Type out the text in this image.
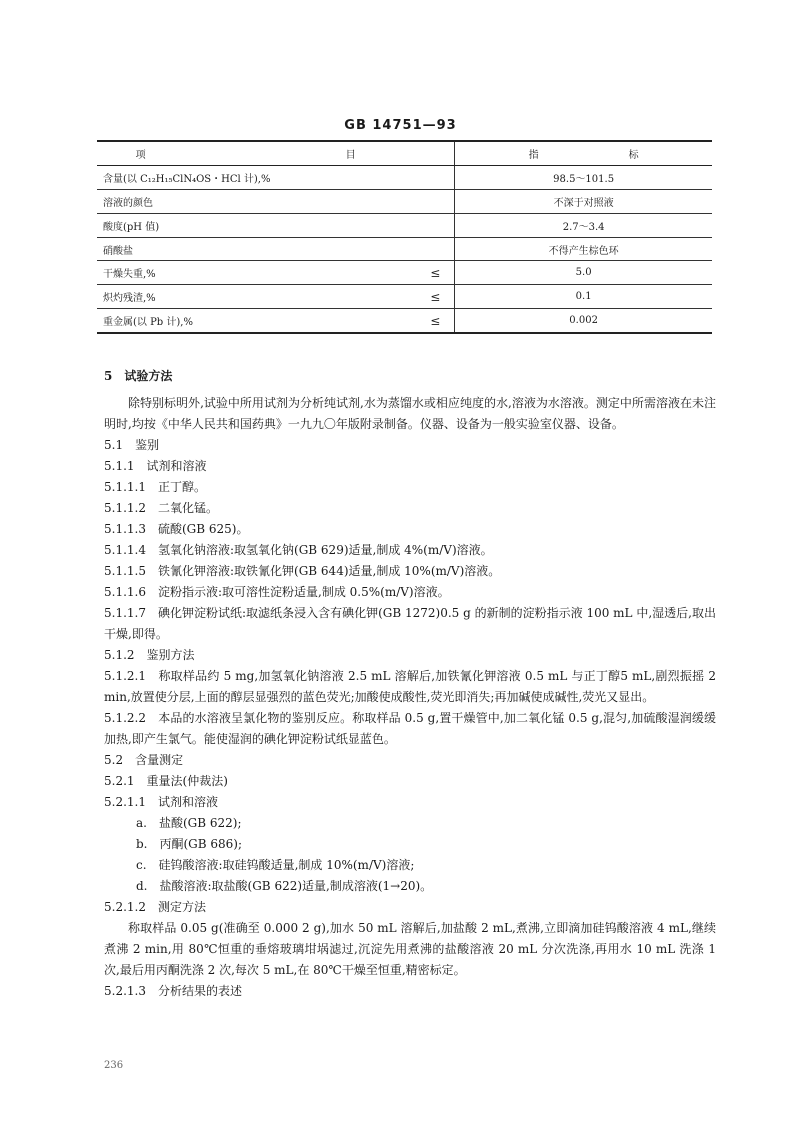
GB 14751—93
项　　目		指　标
含量(以 C₁₂H₁₅ClN₄OS・HCl 计),%		98.5～101.5
溶液的颜色		不深于对照液
酸度(pH 值)		2.7～3.4
硝酸盐		不得产生棕色环
干燥失重,%	≤	5.0
炽灼残渣,%	≤	0.1
重金属(以 Pb 计),%	≤	0.002

5　试验方法

除特别标明外,试验中所用试剂为分析纯试剂,水为蒸馏水或相应纯度的水,溶液为水溶液。测定中所需溶液在未注明时,均按《中华人民共和国药典》一九九〇年版附录制备。仪器、设备为一般实验室仪器、设备。

5.1　鉴别

5.1.1　试剂和溶液

5.1.1.1　正丁醇。

5.1.1.2　二氧化锰。

5.1.1.3　硫酸(GB 625)。

5.1.1.4　氢氧化钠溶液:取氢氧化钠(GB 629)适量,制成 4%(m/V)溶液。

5.1.1.5　铁氰化钾溶液:取铁氰化钾(GB 644)适量,制成 10%(m/V)溶液。

5.1.1.6　淀粉指示液:取可溶性淀粉适量,制成 0.5%(m/V)溶液。

5.1.1.7　碘化钾淀粉试纸:取滤纸条浸入含有碘化钾(GB 1272)0.5 g 的新制的淀粉指示液 100 mL 中,湿透后,取出干燥,即得。

5.1.2　鉴别方法

5.1.2.1　称取样品约 5 mg,加氢氧化钠溶液 2.5 mL 溶解后,加铁氰化钾溶液 0.5 mL 与正丁醇5 mL,剧烈振摇 2 min,放置使分层,上面的醇层显强烈的蓝色荧光;加酸使成酸性,荧光即消失;再加碱使成碱性,荧光又显出。

5.1.2.2　本品的水溶液呈氯化物的鉴别反应。称取样品 0.5 g,置干燥管中,加二氧化锰 0.5 g,混匀,加硫酸湿润缓缓加热,即产生氯气。能使湿润的碘化钾淀粉试纸显蓝色。

5.2　含量测定

5.2.1　重量法(仲裁法)

5.2.1.1　试剂和溶液

a.　盐酸(GB 622);

b.　丙酮(GB 686);

c.　硅钨酸溶液:取硅钨酸适量,制成 10%(m/V)溶液;

d.　盐酸溶液:取盐酸(GB 622)适量,制成溶液(1→20)。

5.2.1.2　测定方法

称取样品 0.05 g(准确至 0.000 2 g),加水 50 mL 溶解后,加盐酸 2 mL,煮沸,立即滴加硅钨酸溶液 4 mL,继续煮沸 2 min,用 80℃恒重的垂熔玻璃坩埚滤过,沉淀先用煮沸的盐酸溶液 20 mL 分次洗涤,再用水 10 mL 洗涤 1 次,最后用丙酮洗涤 2 次,每次 5 mL,在 80℃干燥至恒重,精密标定。

5.2.1.3　分析结果的表述

236
